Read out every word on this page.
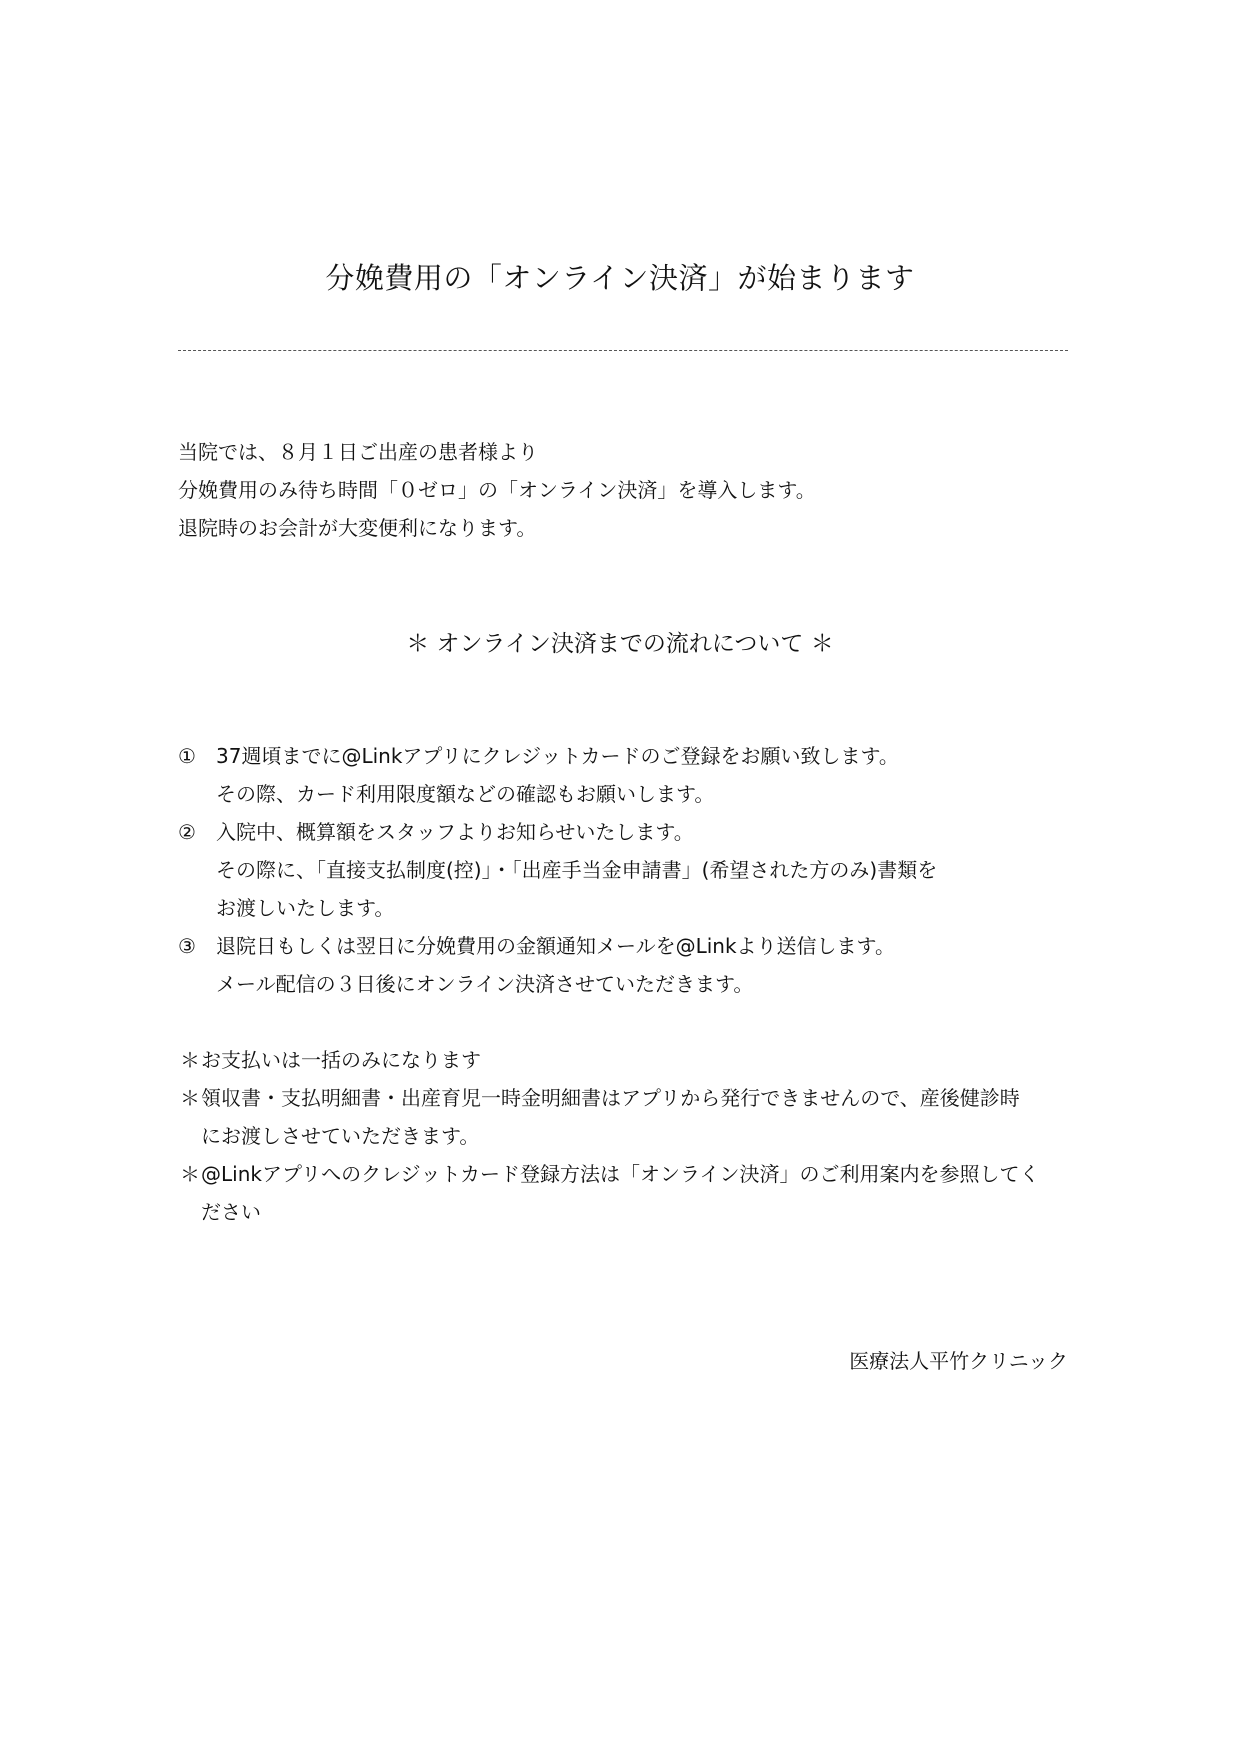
分娩費用の「オンライン決済」が始まります
当院では、８月１日ご出産の患者様より
分娩費用のみ待ち時間「０ゼロ」の「オンライン決済」を導入します。
退院時のお会計が大変便利になります。
＊ オンライン決済までの流れについて ＊
① 37週頃までに@Linkアプリにクレジットカードのご登録をお願い致します。
その際、カード利用限度額などの確認もお願いします。
② 入院中、概算額をスタッフよりお知らせいたします。
その際に、「直接支払制度(控)」・「出産手当金申請書」(希望された方のみ)書類を
お渡しいたします。
③ 退院日もしくは翌日に分娩費用の金額通知メールを@Linkより送信します。
メール配信の３日後にオンライン決済させていただきます。
＊ お支払いは一括のみになります
＊ 領収書・支払明細書・出産育児一時金明細書はアプリから発行できませんので、産後健診時
にお渡しさせていただきます。
＊ @Linkアプリへのクレジットカード登録方法は「オンライン決済」のご利用案内を参照してく
ださい
医療法人平竹クリニック
